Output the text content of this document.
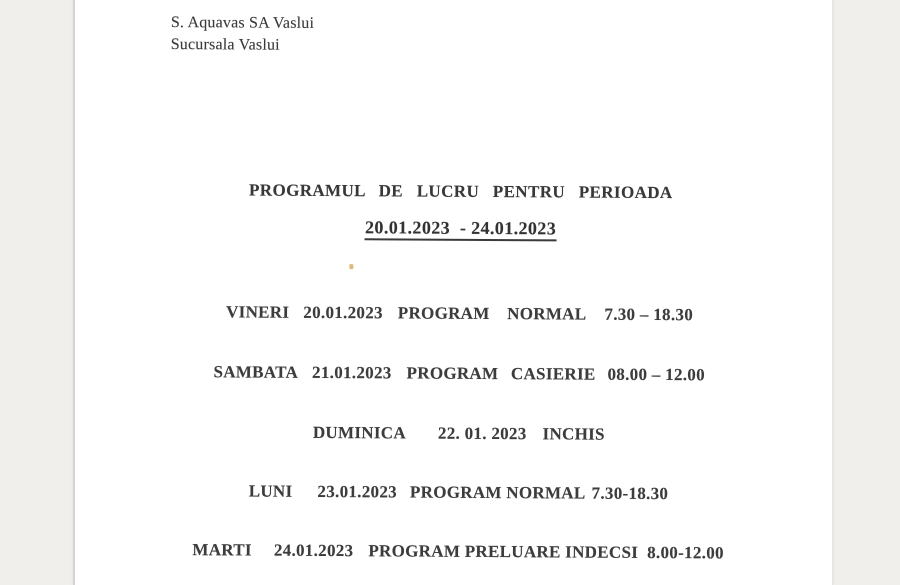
S. Aquavas SA Vaslui
Sucursala Vaslui
PROGRAMUL DE LUCRU PENTRU PERIOADA
20.01.2023  - 24.01.2023
VINERI 20.01.2023 PROGRAM NORMAL 7.30 – 18.30
SAMBATA 21.01.2023 PROGRAM CASIERIE 08.00 – 12.00
DUMINICA 22. 01. 2023 INCHIS
LUNI 23.01.2023 PROGRAM NORMAL 7.30-18.30
MARTI 24.01.2023 PROGRAM PRELUARE INDECSI 8.00-12.00
